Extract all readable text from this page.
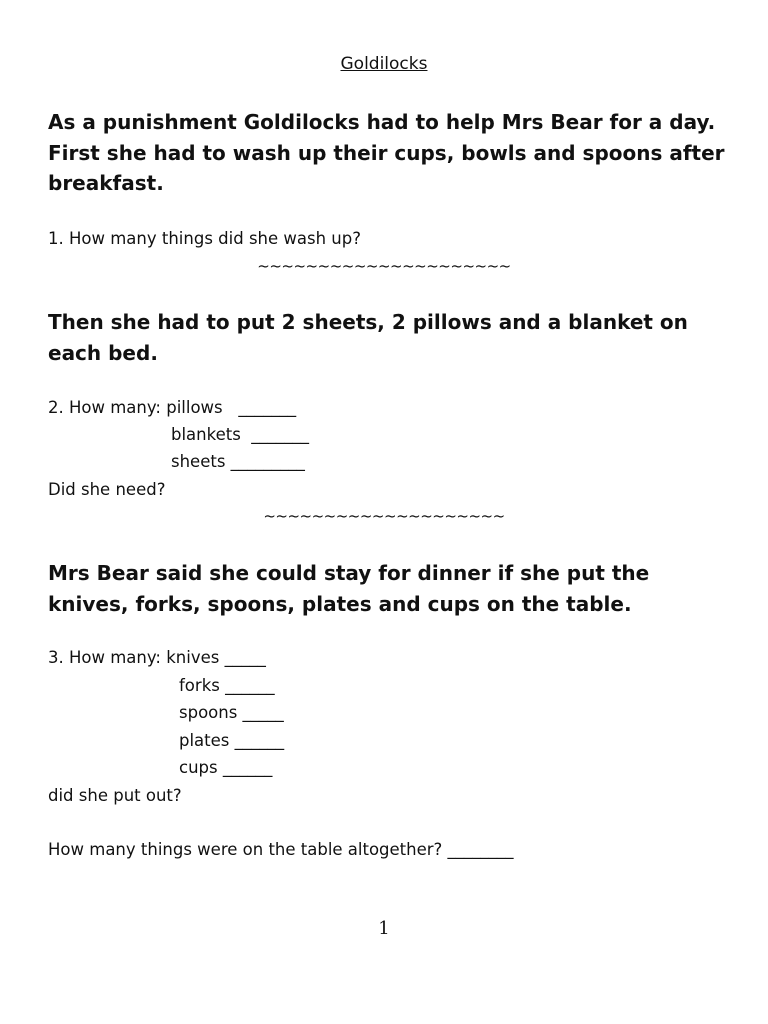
Goldilocks

As a punishment Goldilocks had to help Mrs Bear for a day. First she had to wash up their cups, bowls and spoons after breakfast.

1. How many things did she wash up?

~~~~~~~~~~~~~~~~~~~~~

Then she had to put 2 sheets, 2 pillows and a blanket on each bed.

2. How many: pillows   _______

blankets  _______

sheets _________

Did she need?

~~~~~~~~~~~~~~~~~~~~

Mrs Bear said she could stay for dinner if she put the knives, forks, spoons, plates and cups on the table.

3. How many: knives _____

forks ______

spoons _____

plates ______

cups ______

did she put out?

How many things were on the table altogether? ________

1
